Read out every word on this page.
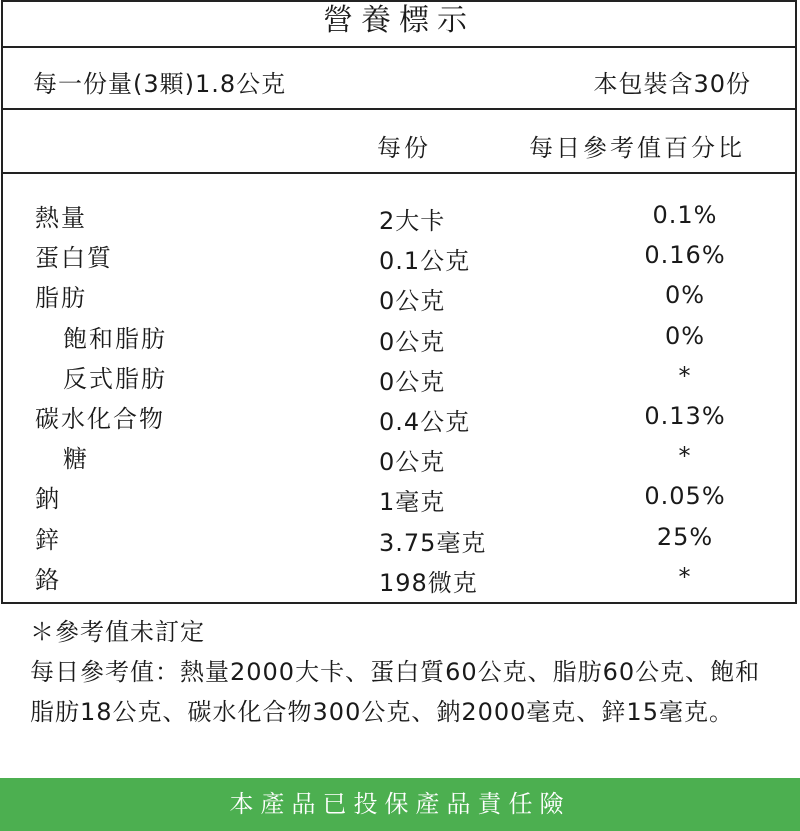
營養標示
每一份量(3顆)1.8公克	本包裝含30份
每份	每日參考值百分比
熱量	2大卡	0.1%
蛋白質	0.1公克	0.16%
脂肪	0公克	0%
飽和脂肪	0公克	0%
反式脂肪	0公克	*
碳水化合物	0.4公克	0.13%
糖	0公克	*
鈉	1毫克	0.05%
鋅	3.75毫克	25%
鉻	198微克	*

＊參考值未訂定

每日參考值：熱量2000大卡、蛋白質60公克、脂肪60公克、飽和脂肪18公克、碳水化合物300公克、鈉2000毫克、鋅15毫克。

本產品已投保產品責任險
